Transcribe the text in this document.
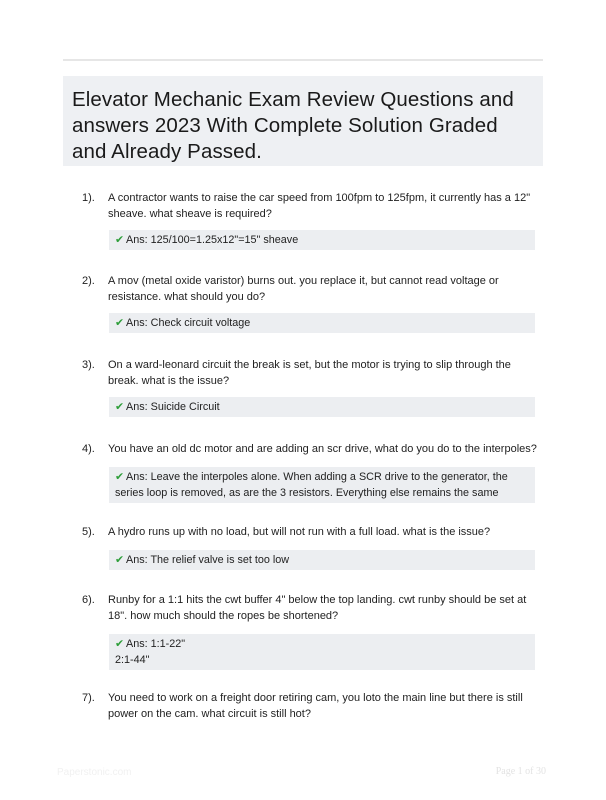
Elevator Mechanic Exam Review Questions and answers 2023 With Complete Solution Graded and Already Passed.
1). A contractor wants to raise the car speed from 100fpm to 125fpm, it currently has a 12" sheave. what sheave is required?
✔ Ans: 125/100=1.25x12"=15" sheave
2). A mov (metal oxide varistor) burns out. you replace it, but cannot read voltage or resistance. what should you do?
✔ Ans: Check circuit voltage
3). On a ward-leonard circuit the break is set, but the motor is trying to slip through the break. what is the issue?
✔ Ans: Suicide Circuit
4). You have an old dc motor and are adding an scr drive, what do you do to the interpoles?
✔ Ans: Leave the interpoles alone. When adding a SCR drive to the generator, the series loop is removed, as are the 3 resistors. Everything else remains the same
5). A hydro runs up with no load, but will not run with a full load. what is the issue?
✔ Ans: The relief valve is set too low
6). Runby for a 1:1 hits the cwt buffer 4" below the top landing. cwt runby should be set at 18". how much should the ropes be shortened?
✔ Ans: 1:1-22"
2:1-44"
7). You need to work on a freight door retiring cam, you loto the main line but there is still power on the cam. what circuit is still hot?
Paperstonic.com	Page 1 of 30
